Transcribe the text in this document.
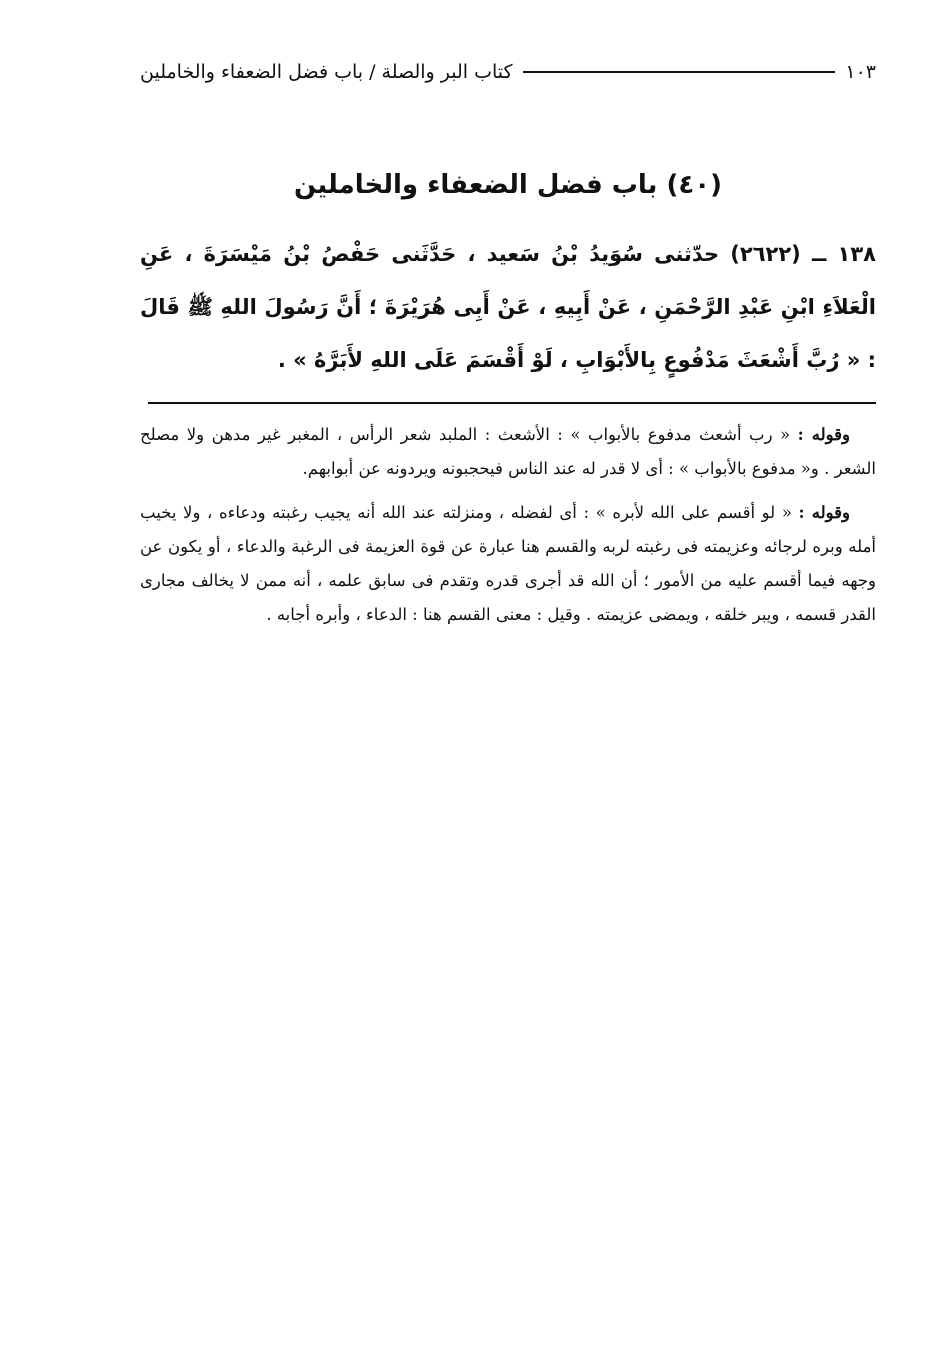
كتاب البر والصلة / باب فضل الضعفاء والخاملين	١٠٣
(٤٠) باب فضل الضعفاء والخاملين

١٣٨ ــ (٢٦٢٢) حدّثنى سُوَيدُ بْنُ سَعيد ، حَدَّثَنى حَفْصُ بْنُ مَيْسَرَةَ ، عَنِ الْعَلاَءِ ابْنِ عَبْدِ الرَّحْمَنِ ، عَنْ أَبِيهِ ، عَنْ أَبِى هُرَيْرَةَ ؛ أَنَّ رَسُولَ اللهِ ﷺ قَالَ : « رُبَّ أَشْعَثَ مَدْفُوعٍ بِالأَبْوَابِ ، لَوْ أَقْسَمَ عَلَى اللهِ لأَبَرَّهُ » .

وقوله : « رب أشعث مدفوع بالأبواب » : الأشعث : الملبد شعر الرأس ، المغبر غير مدهن ولا مصلح الشعر . و« مدفوع بالأبواب » : أى لا قدر له عند الناس فيحجبونه ويردونه عن أبوابهم.

وقوله : « لو أقسم على الله لأبره » : أى لفضله ، ومنزلته عند الله أنه يجيب رغبته ودعاءه ، ولا يخيب أمله وبره لرجائه وعزيمته فى رغبته لربه والقسم هنا عبارة عن قوة العزيمة فى الرغبة والدعاء ، أو يكون عن وجهه فيما أقسم عليه من الأمور ؛ أن الله قد أجرى قدره وتقدم فى سابق علمه ، أنه ممن لا يخالف مجارى القدر قسمه ، ويبر خلقه ، ويمضى عزيمته . وقيل : معنى القسم هنا : الدعاء ، وأبره أجابه .
